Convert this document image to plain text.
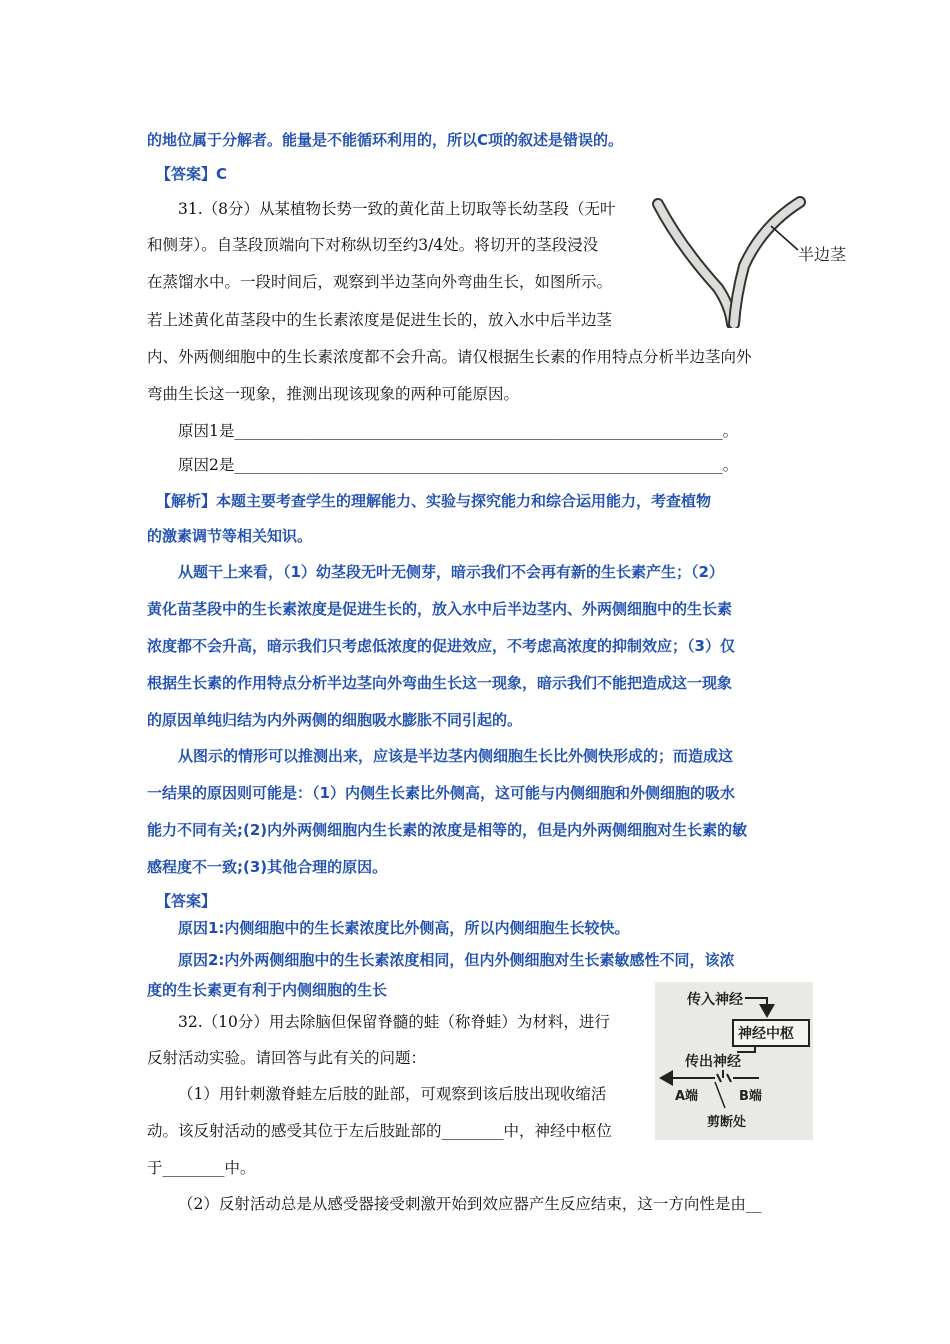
的地位属于分解者。能量是不能循环利用的，所以C项的叙述是错误的。
【答案】C
31.（8分）从某植物长势一致的黄化苗上切取等长幼茎段（无叶
和侧芽）。自茎段顶端向下对称纵切至约3/4处。将切开的茎段浸没
在蒸馏水中。一段时间后，观察到半边茎向外弯曲生长，如图所示。
若上述黄化苗茎段中的生长素浓度是促进生长的，放入水中后半边茎
内、外两侧细胞中的生长素浓度都不会升高。请仅根据生长素的作用特点分析半边茎向外
弯曲生长这一现象，推测出现该现象的两种可能原因。
原因1是_______________________________________________________________。
原因2是_______________________________________________________________。
【解析】本题主要考查学生的理解能力、实验与探究能力和综合运用能力，考查植物
的激素调节等相关知识。
从题干上来看，（1）幼茎段无叶无侧芽，暗示我们不会再有新的生长素产生；（2）
黄化苗茎段中的生长素浓度是促进生长的，放入水中后半边茎内、外两侧细胞中的生长素
浓度都不会升高，暗示我们只考虑低浓度的促进效应，不考虑高浓度的抑制效应；（3）仅
根据生长素的作用特点分析半边茎向外弯曲生长这一现象，暗示我们不能把造成这一现象
的原因单纯归结为内外两侧的细胞吸水膨胀不同引起的。
从图示的情形可以推测出来，应该是半边茎内侧细胞生长比外侧快形成的；而造成这
一结果的原因则可能是：（1）内侧生长素比外侧高，这可能与内侧细胞和外侧细胞的吸水
能力不同有关;(2)内外两侧细胞内生长素的浓度是相等的，但是内外两侧细胞对生长素的敏
感程度不一致;(3)其他合理的原因。
【答案】
原因1:内侧细胞中的生长素浓度比外侧高，所以内侧细胞生长较快。
原因2:内外两侧细胞中的生长素浓度相同，但内外侧细胞对生长素敏感性不同，该浓
度的生长素更有利于内侧细胞的生长
32.（10分）用去除脑但保留脊髓的蛙（称脊蛙）为材料，进行
反射活动实验。请回答与此有关的问题：
（1）用针刺激脊蛙左后肢的趾部，可观察到该后肢出现收缩活
动。该反射活动的感受其位于左后肢趾部的________中，神经中枢位
于________中。
（2）反射活动总是从感受器接受刺激开始到效应器产生反应结束，这一方向性是由__
半边茎
传入神经
神经中枢
传出神经
A端	B端
剪断处
